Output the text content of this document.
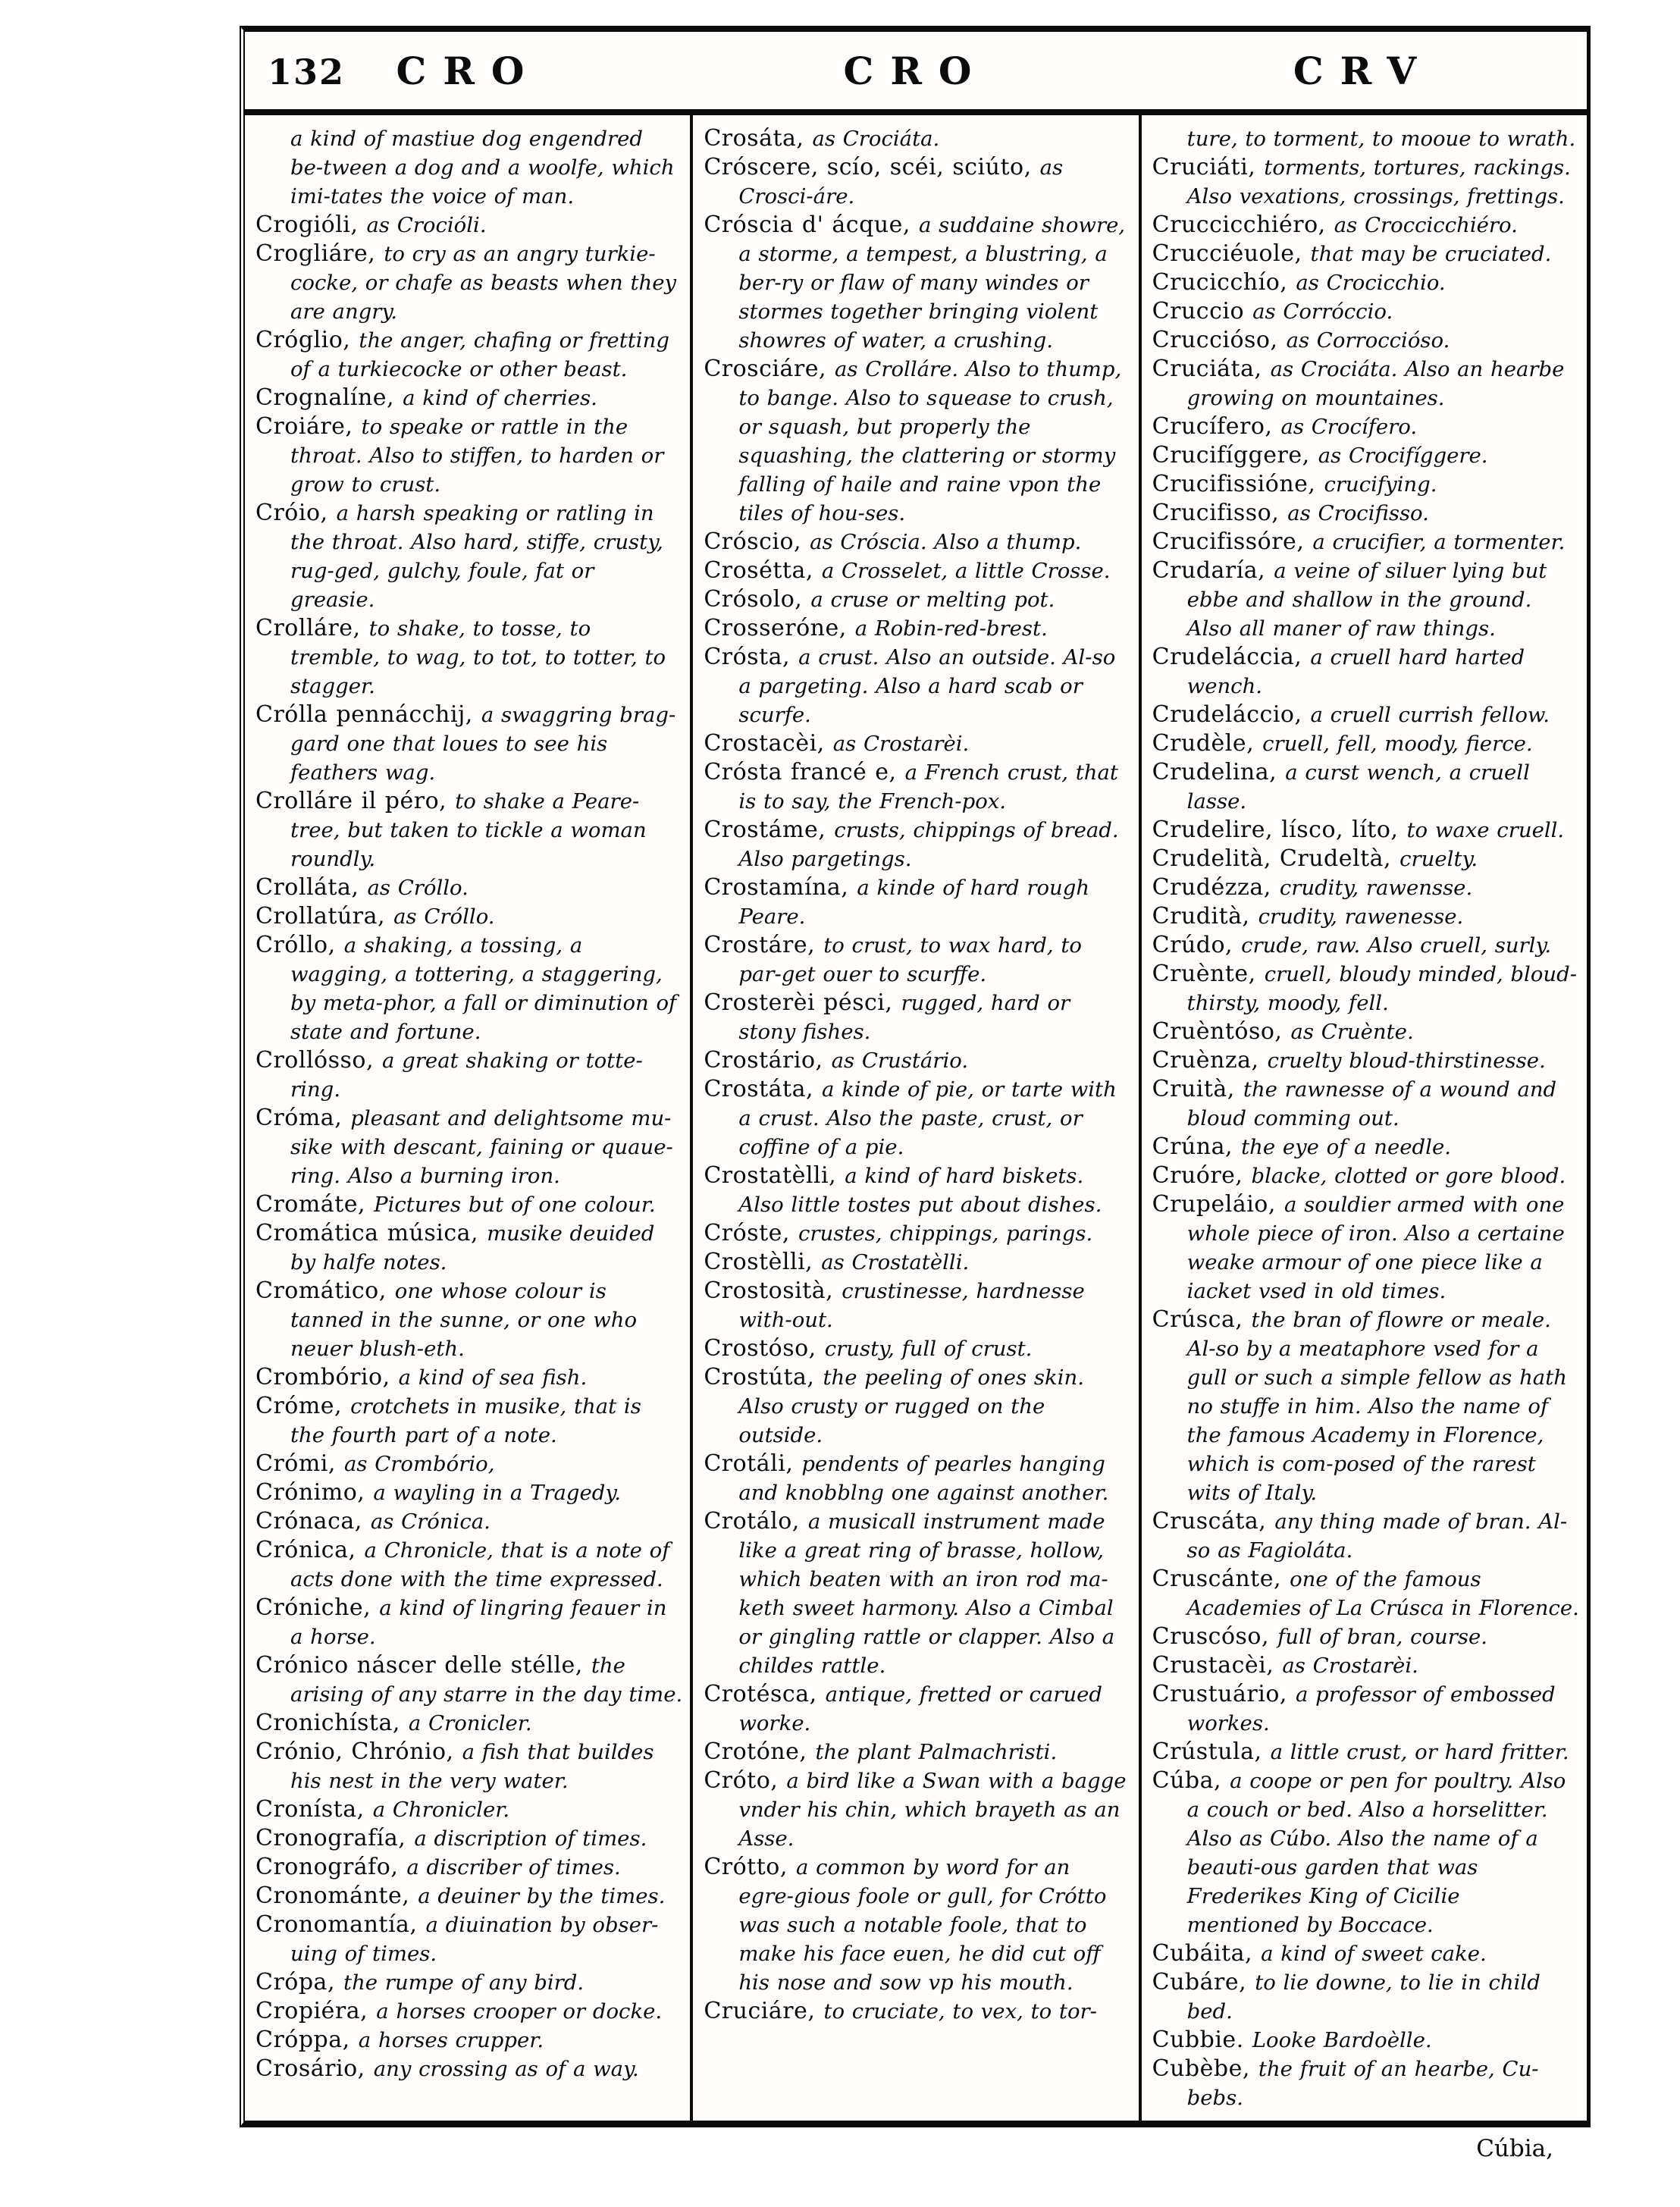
132	CRO	CRO	CRV

a kind of mastiue dog engendred be-tween a dog and a woolfe, which imi-tates the voice of man.

Crogióli, as Crocióli.

Crogliáre, to cry as an angry turkie-cocke, or chafe as beasts when they are angry.

Cróglio, the anger, chafing or fretting of a turkiecocke or other beast.

Crognalíne, a kind of cherries.

Croiáre, to speake or rattle in the throat. Also to stiffen, to harden or grow to crust.

Cróio, a harsh speaking or ratling in the throat. Also hard, stiffe, crusty, rug-ged, gulchy, foule, fat or greasie.

Crolláre, to shake, to tosse, to tremble, to wag, to tot, to totter, to stagger.

Crólla pennácchij, a swaggring brag-gard one that loues to see his feathers wag.

Crolláre il péro, to shake a Peare-tree, but taken to tickle a woman roundly.

Crolláta, as Cróllo.

Crollatúra, as Cróllo.

Cróllo, a shaking, a tossing, a wagging, a tottering, a staggering, by meta-phor, a fall or diminution of state and fortune.

Crollósso, a great shaking or totte-ring.

Cróma, pleasant and delightsome mu-sike with descant, faining or quaue-ring. Also a burning iron.

Cromáte, Pictures but of one colour.

Cromática música, musike deuided by halfe notes.

Cromático, one whose colour is tanned in the sunne, or one who neuer blush-eth.

Crombório, a kind of sea fish.

Cróme, crotchets in musike, that is the fourth part of a note.

Crómi, as Crombório,

Crónimo, a wayling in a Tragedy.

Crónaca, as Crónica.

Crónica, a Chronicle, that is a note of acts done with the time expressed.

Cróniche, a kind of lingring feauer in a horse.

Crónico náscer delle stélle, the arising of any starre in the day time.

Cronichísta, a Cronicler.

Crónio, Chrónio, a fish that buildes his nest in the very water.

Cronísta, a Chronicler.

Cronografía, a discription of times.

Cronográfo, a discriber of times.

Cronománte, a deuiner by the times.

Cronomantía, a diuination by obser-uing of times.

Crópa, the rumpe of any bird.

Cropiéra, a horses crooper or docke.

Cróppa, a horses crupper.

Crosário, any crossing as of a way.

Crosáta, as Crociáta.

Cróscere, scío, scéi, sciúto, as Crosci-áre.

Cróscia d' ácque, a suddaine showre, a storme, a tempest, a blustring, a ber-ry or flaw of many windes or stormes together bringing violent showres of water, a crushing.

Crosciáre, as Crolláre. Also to thump, to bange. Also to squease to crush, or squash, but properly the squashing, the clattering or stormy falling of haile and raine vpon the tiles of hou-ses.

Cróscio, as Cróscia. Also a thump.

Crosétta, a Crosselet, a little Crosse.

Crósolo, a cruse or melting pot.

Crosseróne, a Robin-red-brest.

Crósta, a crust. Also an outside. Al-so a pargeting. Also a hard scab or scurfe.

Crostacèi, as Crostarèi.

Crósta francé e, a French crust, that is to say, the French-pox.

Crostáme, crusts, chippings of bread. Also pargetings.

Crostamína, a kinde of hard rough Peare.

Crostáre, to crust, to wax hard, to par-get ouer to scurffe.

Crosterèi pésci, rugged, hard or stony fishes.

Crostário, as Crustário.

Crostáta, a kinde of pie, or tarte with a crust. Also the paste, crust, or coffine of a pie.

Crostatèlli, a kind of hard biskets. Also little tostes put about dishes.

Cróste, crustes, chippings, parings.

Crostèlli, as Crostatèlli.

Crostosità, crustinesse, hardnesse with-out.

Crostóso, crusty, full of crust.

Crostúta, the peeling of ones skin. Also crusty or rugged on the outside.

Crotáli, pendents of pearles hanging and knobblng one against another.

Crotálo, a musicall instrument made like a great ring of brasse, hollow, which beaten with an iron rod ma-keth sweet harmony. Also a Cimbal or gingling rattle or clapper. Also a childes rattle.

Crotésca, antique, fretted or carued worke.

Crotóne, the plant Palmachristi.

Cróto, a bird like a Swan with a bagge vnder his chin, which brayeth as an Asse.

Crótto, a common by word for an egre-gious foole or gull, for Crótto was such a notable foole, that to make his face euen, he did cut off his nose and sow vp his mouth.

Cruciáre, to cruciate, to vex, to tor-

ture, to torment, to mooue to wrath.

Cruciáti, torments, tortures, rackings. Also vexations, crossings, frettings.

Cruccicchiéro, as Croccicchiéro.

Crucciéuole, that may be cruciated.

Crucicchío, as Crocicchio.

Cruccio as Corróccio.

Cruccióso, as Corroccióso.

Cruciáta, as Crociáta. Also an hearbe growing on mountaines.

Crucífero, as Crocífero.

Crucifíggere, as Crocifíggere.

Crucifissióne, crucifying.

Crucifisso, as Crocifisso.

Crucifissóre, a crucifier, a tormenter.

Crudaría, a veine of siluer lying but ebbe and shallow in the ground. Also all maner of raw things.

Crudeláccia, a cruell hard harted wench.

Crudeláccio, a cruell currish fellow.

Crudèle, cruell, fell, moody, fierce.

Crudelina, a curst wench, a cruell lasse.

Crudelire, lísco, líto, to waxe cruell.

Crudelità, Crudeltà, cruelty.

Crudézza, crudity, rawensse.

Crudità, crudity, rawenesse.

Crúdo, crude, raw. Also cruell, surly.

Cruènte, cruell, bloudy minded, bloud-thirsty, moody, fell.

Cruèntóso, as Cruènte.

Cruènza, cruelty bloud-thirstinesse.

Cruità, the rawnesse of a wound and bloud comming out.

Crúna, the eye of a needle.

Cruóre, blacke, clotted or gore blood.

Crupeláio, a souldier armed with one whole piece of iron. Also a certaine weake armour of one piece like a iacket vsed in old times.

Crúsca, the bran of flowre or meale. Al-so by a meataphore vsed for a gull or such a simple fellow as hath no stuffe in him. Also the name of the famous Academy in Florence, which is com-posed of the rarest wits of Italy.

Cruscáta, any thing made of bran. Al-so as Fagioláta.

Cruscánte, one of the famous Academies of La Crúsca in Florence.

Cruscóso, full of bran, course.

Crustacèi, as Crostarèi.

Crustuário, a professor of embossed workes.

Crústula, a little crust, or hard fritter.

Cúba, a coope or pen for poultry. Also a couch or bed. Also a horselitter. Also as Cúbo. Also the name of a beauti-ous garden that was Frederikes King of Cicilie mentioned by Boccace.

Cubáita, a kind of sweet cake.

Cubáre, to lie downe, to lie in child bed.

Cubbie. Looke Bardoèlle.

Cubèbe, the fruit of an hearbe, Cu-bebs.

Cúbia,
